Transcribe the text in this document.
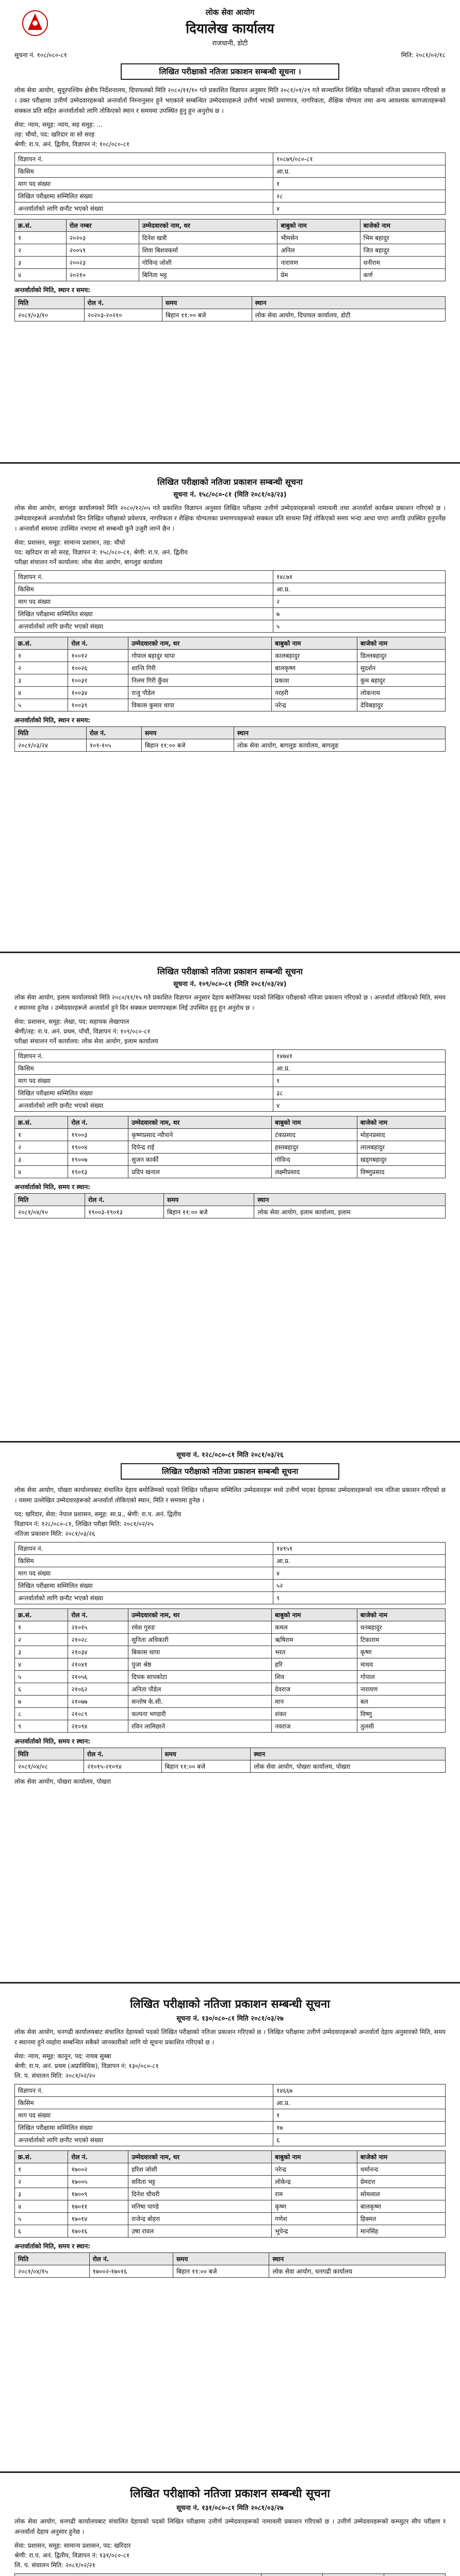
लोक सेवा आयोग
दियालेख कार्यालय
राजधानी, डोटी
सूचना नं. १०८/०८०-८१	मिति: २०८१/०२/१८
लिखित परीक्षाको नतिजा प्रकाशन सम्बन्धी सूचना ।
लोक सेवा आयोग, सुदूरपश्चिम क्षेत्रीय निर्देशनालय, दिपायलको मिति २०८०/११/१० गते प्रकाशित विज्ञापन अनुसार मिति २०८१/०१/२९ गते सञ्चालित लिखित परीक्षाको नतिजा प्रकाशन गरिएको छ । उक्त परीक्षामा उत्तीर्ण उम्मेदवारहरूको अन्तर्वार्ता निम्नानुसार हुने भएकाले सम्बन्धित उम्मेदवारहरूले उत्तीर्ण भएको प्रमाणपत्र, नागरिकता, शैक्षिक योग्यता तथा अन्य आवश्यक कागजातहरूको सक्कल प्रति सहित अन्तर्वार्ताको लागि तोकिएको स्थान र समयमा उपस्थित हुनु हुन अनुरोध छ ।
सेवा: न्याय, समूह: न्याय, सह समूह: ...
तह: चौथो, पद: खरिदार वा सो सरह
श्रेणी: रा.प. अनं. द्वितीय, विज्ञापन नं: १०८/०८०-८१
विज्ञापन नं.	१०८७९/०८०-८१
किसिम	आ.प्र.
माग पद संख्या	१
लिखित परीक्षामा सम्मिलित संख्या	२८
अन्तर्वार्ताको लागि छनौट भएको संख्या	४
क्र.सं.	रोल नम्बर	उम्मेदवारको नाम, थर	बाबुको नाम	बाजेको नाम
१	२०२०३	दिनेश खत्री	भीमसेन	भिम बहादुर
२	२००५९	शिवा बिशवकर्मा	अनिल	जित बहादुर
३	२००२३	गोविन्द जोशी	नारायण	धनीराम
४	२०२१०	बिनिता भट्ट	प्रेम	कर्ण
अन्तर्वार्ताको मिति, स्थान र समय:
मिति	रोल नं.	समय	स्थान
२०८१/०३/१०	२०२०३-२०२१०	बिहान ११:०० बजे	लोक सेवा आयोग, दिपायल कार्यालय, डोटी
लिखित परीक्षाको नतिजा प्रकाशन सम्बन्धी सूचना
सूचना नं. १५८/०८०-८१ (मिति २०८१/०३/२३)
लोक सेवा आयोग, बागलुङ कार्यालयको मिति २०८०/१२/०५ गते प्रकाशित विज्ञापन अनुसार लिखित परीक्षामा उत्तीर्ण उम्मेदवारहरूको नामावली तथा अन्तर्वार्ता कार्यक्रम प्रकाशन गरिएको छ । उम्मेदवारहरूले अन्तर्वार्ताको दिन लिखित परीक्षाको प्रवेशपत्र, नागरिकता र शैक्षिक योग्यताका प्रमाणपत्रहरूको सक्कल प्रति साथमा लिई तोकिएको समय भन्दा आधा घण्टा अगाडि उपस्थित हुनुपर्नेछ । अन्तर्वार्ता समयमा उपस्थित नभएमा सो सम्बन्धी कुनै उजुरी लाग्ने छैन ।
सेवा: प्रशासन, समूह: सामान्य प्रशासन, तह: चौथो
पद: खरिदार वा सो सरह, विज्ञापन नं: १५८/०८०-८१, श्रेणी: रा.प. अनं. द्वितीय
परीक्षा संचालन गर्ने कार्यालय: लोक सेवा आयोग, बागलुङ कार्यालय
विज्ञापन नं.	१४८७१
किसिम	आ.प्र.
माग पद संख्या	२
लिखित परीक्षामा सम्मिलित संख्या	७
अन्तर्वार्ताको लागि छनौट भएको संख्या	५
क्र.सं.	रोल नं.	उम्मेदवारको नाम, थर	बाबुको नाम	बाजेको नाम
१	१००१२	गोपाल बहादुर थापा	कालबहादुर	डिल्लबहादुर
२	१००२६	शान्ति गिरी	बालकृष्ण	सुदर्शन
३	१००३१	निलम गिरी कुँवर	प्रकाश	कुम बहादुर
४	१००३४	राजु पौडेल	नरहरी	लोकनाथ
५	१००३९	विकास कुमार थापा	नरेन्द्र	देविबहादुर
अन्तर्वार्ताको मिति, स्थान र समय:
मिति	रोल नं.	समय	स्थान
२०८१/०३/२४	१०१-१०५	बिहान ११:०० बजे	लोक सेवा आयोग, बागलुङ कार्यालय, बागलुङ
लिखित परीक्षाको नतिजा प्रकाशन सम्बन्धी सूचना
सूचना नं. १०९/०८०-८१ (मिति २०८१/०३/२४)
लोक सेवा आयोग, इलाम कार्यालयको मिति २०८०/११/१५ गते प्रकाशित विज्ञापन अनुसार देहाय बमोजिमका पदको लिखित परीक्षाको नतिजा प्रकाशन गरिएको छ । अन्तर्वार्ता तोकिएको मिति, समय र स्थानमा हुनेछ । उम्मेदवारहरूले अन्तर्वार्ता हुने दिन सक्कल प्रमाणपत्रहरू लिई उपस्थित हुनु हुन अनुरोध छ ।
सेवा: प्रशासन, समूह: लेखा, पद: सहायक लेखापाल
श्रेणी/तह: रा.प. अनं. प्रथम, पाँचौं, विज्ञापन नं: १०९/०८०-८१
परीक्षा संचालन गर्ने कार्यालय: लोक सेवा आयोग, इलाम कार्यालय
विज्ञापन नं.	१४७४१
किसिम	आ.प्र.
माग पद संख्या	१
लिखित परीक्षामा सम्मिलित संख्या	३८
अन्तर्वार्ताको लागि छनौट भएको संख्या	४
क्र.सं.	रोल नं.	उम्मेदवारको नाम, थर	बाबुको नाम	बाजेको नाम
१	१९००३	कृष्णप्रसाद न्यौपाने	टंकप्रसाद	मोहनप्रसाद
२	१९००४	दिपेन्द्र राई	हस्तबहादुर	लालबहादुर
३	१९००७	सुजन कार्की	गोविन्द	खड्गबहादुर
४	१९०१३	प्रदिप खनाल	लक्ष्मीप्रसाद	विष्णुप्रसाद
अन्तर्वार्ताको मिति, समय र स्थान:
मिति	रोल नं.	समय	स्थान
२०८१/०४/१०	१९००३-१९०१३	बिहान ११:०० बजे	लोक सेवा आयोग, इलाम कार्यालय, इलाम
सूचना नं. १२८/०८०-८१ मिति २०८१/०३/२६
लिखित परीक्षाको नतिजा प्रकाशन सम्बन्धी सूचना
लोक सेवा आयोग, पोखरा कार्यालयबाट संचालित देहाय बमोजिमको पदको लिखित परीक्षामा सम्मिलित उम्मेदवारहरू मध्ये उत्तीर्ण भएका देहायका उम्मेदवारहरूको नाम नतिजा प्रकाशन गरिएको छ । यसमा उल्लेखित उम्मेदवारहरूको अन्तर्वार्ता तोकिएको स्थान, मिति र समयमा हुनेछ ।
पद: खरिदार, सेवा: नेपाल प्रशासन, समूह: सा.प्र., श्रेणी: रा.प. अनं. द्वितीय
विज्ञापन नं: १२८/०८०-८१, लिखित परीक्षा मिति: २०८१/०२/२५
नतिजा प्रकाशन मिति: २०८१/०३/२६
विज्ञापन नं.	१४९५१
किसिम	आ.प्र.
माग पद संख्या	४
लिखित परीक्षामा सम्मिलित संख्या	५२
अन्तर्वार्ताको लागि छनौट भएको संख्या	९
क्र.सं.	रोल नं.	उम्मेदवारको नाम, थर	बाबुको नाम	बाजेको नाम
१	२१०१५	रमेश गुरुङ	कमल	धनबहादुर
२	२१०२८	सुनिता अधिकारी	ऋषिराम	टिकाराम
३	२१०३४	बिकास थापा	भरत	कृष्ण
४	२१०४१	पुजा श्रेष्ठ	हरि	माधव
५	२१०५६	दिपक सापकोटा	शिव	गोपाल
६	२१०६२	अनिता पौडेल	देवराज	नारायण
७	२१०७७	सन्तोष के.सी.	मान	बल
८	२१०८९	कल्पना भण्डारी	शंकर	विष्णु
९	२१०९४	रविन लामिछाने	नवराज	तुलसी
अन्तर्वार्ताको मिति, समय र स्थान:
मिति	रोल नं.	समय	स्थान
२०८१/०४/०८	२१०१५-२१०९४	बिहान ११:०० बजे	लोक सेवा आयोग, पोखरा कार्यालय, पोखरा
लोक सेवा आयोग, पोखरा कार्यालय, पोखरा
लिखित परीक्षाको नतिजा प्रकाशन सम्बन्धी सूचना
सूचना नं. १३०/०८०-८१ मिति २०८१/०३/२७
लोक सेवा आयोग, धनगढी कार्यालयबाट संचालित देहायको पदको लिखित परीक्षाको नतिजा प्रकाशन गरिएको छ । लिखित परीक्षामा उत्तीर्ण उम्मेदवारहरूको अन्तर्वार्ता देहाय अनुसारको मिति, समय र स्थानमा हुने व्यहोरा सम्बन्धित सबैको जानकारीको लागि यो सूचना प्रकाशित गरिएको छ ।
सेवा: न्याय, समूह: कानून, पद: नायब सुब्बा
श्रेणी: रा.प. अनं. प्रथम (अप्राविधिक), विज्ञापन नं: १३०/०८०-८१
लि. प. संचालन मिति: २०८१/०२/२०
विज्ञापन नं.	१४६६७
किसिम	आ.प्र.
माग पद संख्या	१
लिखित परीक्षामा सम्मिलित संख्या	१७
अन्तर्वार्ताको लागि छनौट भएको संख्या	६
क्र.सं.	रोल नं.	उम्मेदवारको नाम, थर	बाबुको नाम	बाजेको नाम
१	१७००२	हरिश जोशी	नरेन्द्र	धर्मानन्द
२	१७००५	सविता भट्ट	लोकेन्द्र	प्रेमदत्त
३	१७००९	दिनेश चौधरी	राम	सोमलाल
४	१७०११	मनिषा पाण्डे	कृष्ण	बालकृष्ण
५	१७०१४	राजेन्द्र बोहरा	गणेश	हिक्मत
६	१७०१६	उषा रावल	भूपेन्द्र	मानसिंह
अन्तर्वार्ताको मिति, समय र स्थान:
मिति	रोल नं.	समय	स्थान
२०८१/०४/१५	१७००२-१७०१६	बिहान ११:०० बजे	लोक सेवा आयोग, धनगढी कार्यालय
लिखित परीक्षाको नतिजा प्रकाशन सम्बन्धी सूचना
सूचना नं. १३१/०८०-८१ मिति २०८१/०३/२७
लोक सेवा आयोग, धनगढी कार्यालयबाट संचालित देहायको पदको लिखित परीक्षामा उत्तीर्ण उम्मेदवारहरूको नामावली प्रकाशन गरिएको छ । उत्तीर्ण उम्मेदवारहरूको कम्प्युटर सीप परीक्षण र अन्तर्वार्ता देहाय अनुसार हुनेछ ।
सेवा: प्रशासन, समूह: सामान्य प्रशासन, पद: खरिदार
श्रेणी: रा.प. अनं. द्वितीय, विज्ञापन नं: १३१/०८०-८१
लि. प. संचालन मिति: २०८१/०२/२१
